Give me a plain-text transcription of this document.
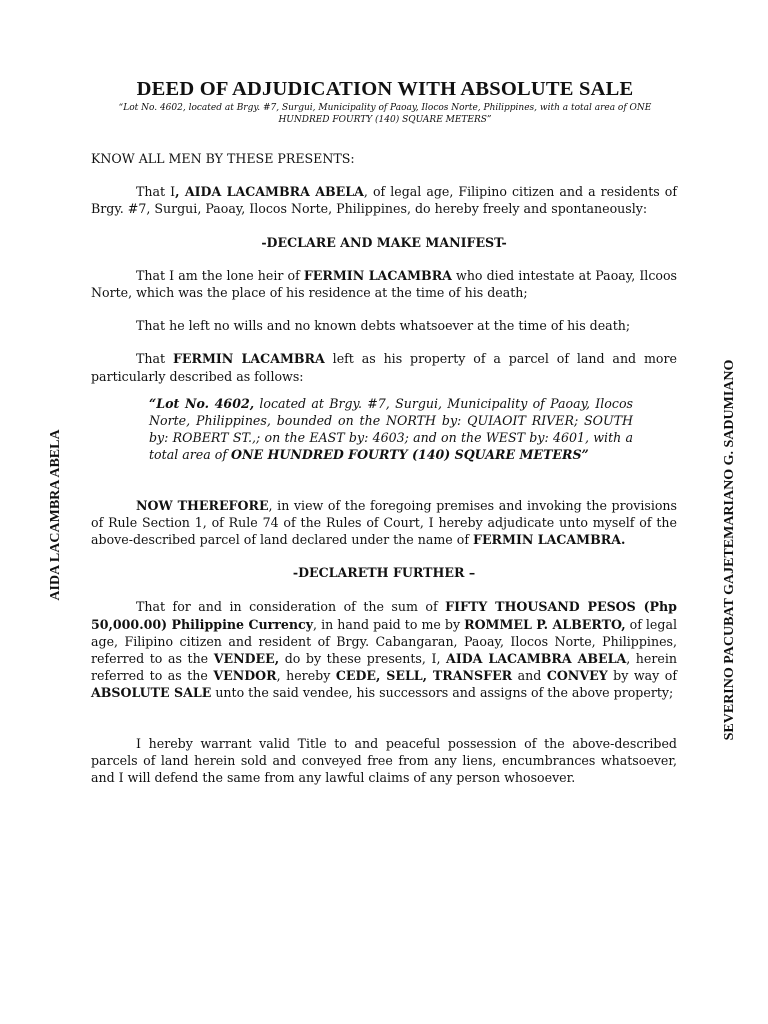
DEED OF ADJUDICATION WITH ABSOLUTE SALE
“Lot No. 4602, located at Brgy. #7, Surgui, Municipality of Paoay, Ilocos Norte, Philippines, with a total area of ONE HUNDRED FOURTY (140) SQUARE METERS”
AIDA LACAMBRA ABELA	SEVERINO PACUBAT GAJETEMARIANO G. SADUMIANO

KNOW ALL MEN BY THESE PRESENTS:

That I, AIDA LACAMBRA ABELA, of legal age, Filipino citizen and a residents of Brgy. #7, Surgui, Paoay, Ilocos Norte, Philippines, do hereby freely and spontaneously:

-DECLARE AND MAKE MANIFEST-

That I am the lone heir of FERMIN LACAMBRA who died intestate at Paoay, Ilcoos Norte, which was the place of his residence at the time of his death;

That he left no wills and no known debts whatsoever at the time of his death;

That FERMIN LACAMBRA left as his property of a parcel of land and more particularly described as follows:

“Lot No. 4602, located at Brgy. #7, Surgui, Municipality of Paoay, Ilocos Norte, Philippines, bounded on the NORTH by: QUIAOIT RIVER; SOUTH by: ROBERT ST.,; on the EAST by: 4603; and on the WEST by: 4601, with a total area of ONE HUNDRED FOURTY (140) SQUARE METERS”

NOW THEREFORE, in view of the foregoing premises and invoking the provisions of Rule Section 1, of Rule 74 of the Rules of Court, I hereby adjudicate unto myself of the above-described parcel of land declared under the name of FERMIN LACAMBRA.

-DECLARETH FURTHER –

That for and in consideration of the sum of FIFTY THOUSAND PESOS (Php 50,000.00) Philippine Currency, in hand paid to me by ROMMEL P. ALBERTO, of legal age, Filipino citizen and resident of Brgy. Cabangaran, Paoay, Ilocos Norte, Philippines, referred to as the VENDEE, do by these presents, I, AIDA LACAMBRA ABELA, herein referred to as the VENDOR, hereby CEDE, SELL, TRANSFER and CONVEY by way of ABSOLUTE SALE unto the said vendee, his successors and assigns of the above property;

I hereby warrant valid Title to and peaceful possession of the above-described parcels of land herein sold and conveyed free from any liens, encumbrances whatsoever, and I will defend the same from any lawful claims of any person whosoever.
